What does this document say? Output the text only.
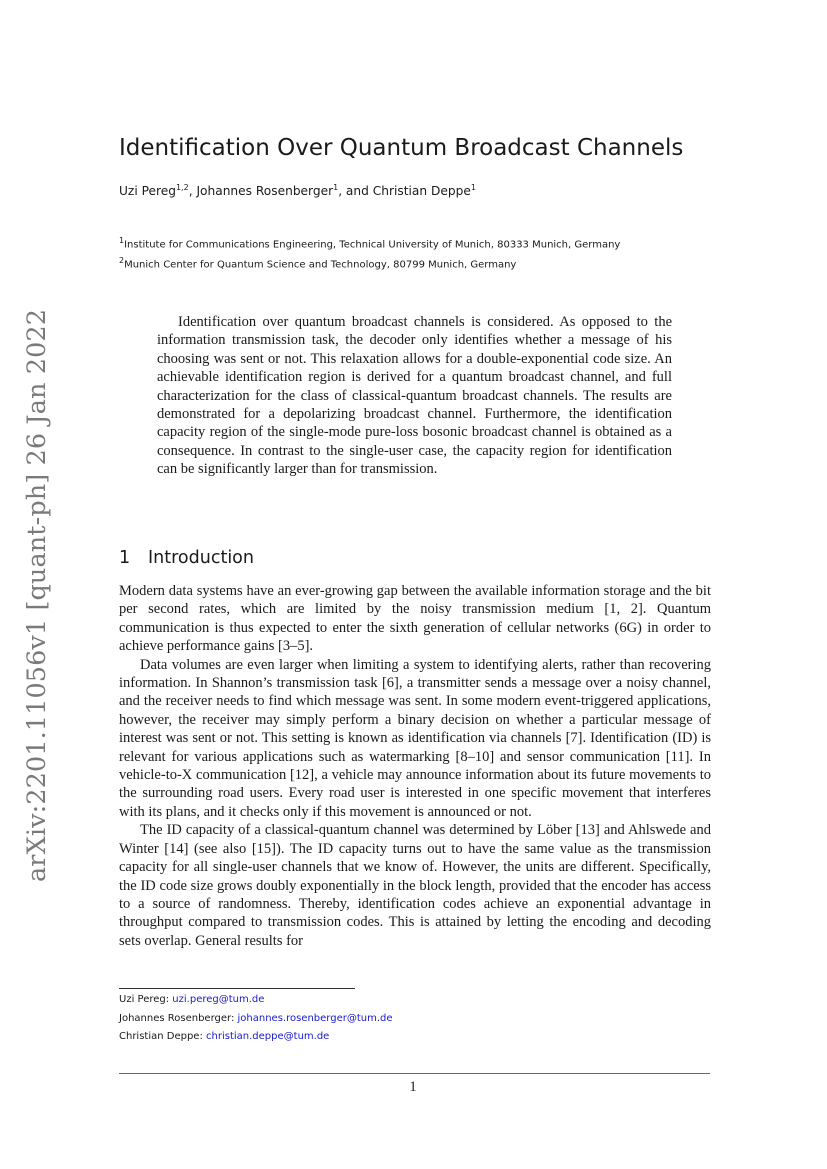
arXiv:2201.11056v1 [quant-ph] 26 Jan 2022
Identification Over Quantum Broadcast Channels
Uzi Pereg$^{1,2}$, Johannes Rosenberger$^1$, and Christian Deppe$^1$
$^1$Institute for Communications Engineering, Technical University of Munich, 80333 Munich, Germany
$^2$Munich Center for Quantum Science and Technology, 80799 Munich, Germany

Identification over quantum broadcast channels is considered. As opposed to the information transmission task, the decoder only identifies whether a message of his choosing was sent or not. This relaxation allows for a double-exponential code size. An achievable identification region is derived for a quantum broadcast channel, and full characterization for the class of classical-quantum broadcast channels. The results are demonstrated for a depolarizing broadcast channel. Furthermore, the identification capacity region of the single-mode pure-loss bosonic broadcast channel is obtained as a consequence. In contrast to the single-user case, the capacity region for identification can be significantly larger than for transmission.

1 Introduction

Modern data systems have an ever-growing gap between the available information storage and the bit per second rates, which are limited by the noisy transmission medium [1, 2]. Quantum communication is thus expected to enter the sixth generation of cellular networks (6G) in order to achieve performance gains [3–5].

Data volumes are even larger when limiting a system to identifying alerts, rather than recovering information. In Shannon’s transmission task [6], a transmitter sends a message over a noisy channel, and the receiver needs to find which message was sent. In some modern event-triggered applications, however, the receiver may simply perform a binary decision on whether a particular message of interest was sent or not. This setting is known as identification via channels [7]. Identification (ID) is relevant for various applications such as watermarking [8–10] and sensor communication [11]. In vehicle-to-X communication [12], a vehicle may announce information about its future movements to the surrounding road users. Every road user is interested in one specific movement that interferes with its plans, and it checks only if this movement is announced or not.

The ID capacity of a classical-quantum channel was determined by Löber [13] and Ahlswede and Winter [14] (see also [15]). The ID capacity turns out to have the same value as the transmission capacity for all single-user channels that we know of. However, the units are different. Specifically, the ID code size grows doubly exponentially in the block length, provided that the encoder has access to a source of randomness. Thereby, identification codes achieve an exponential advantage in throughput compared to transmission codes. This is attained by letting the encoding and decoding sets overlap. General results for

Uzi Pereg: uzi.pereg@tum.de
Johannes Rosenberger: johannes.rosenberger@tum.de
Christian Deppe: christian.deppe@tum.de
1
